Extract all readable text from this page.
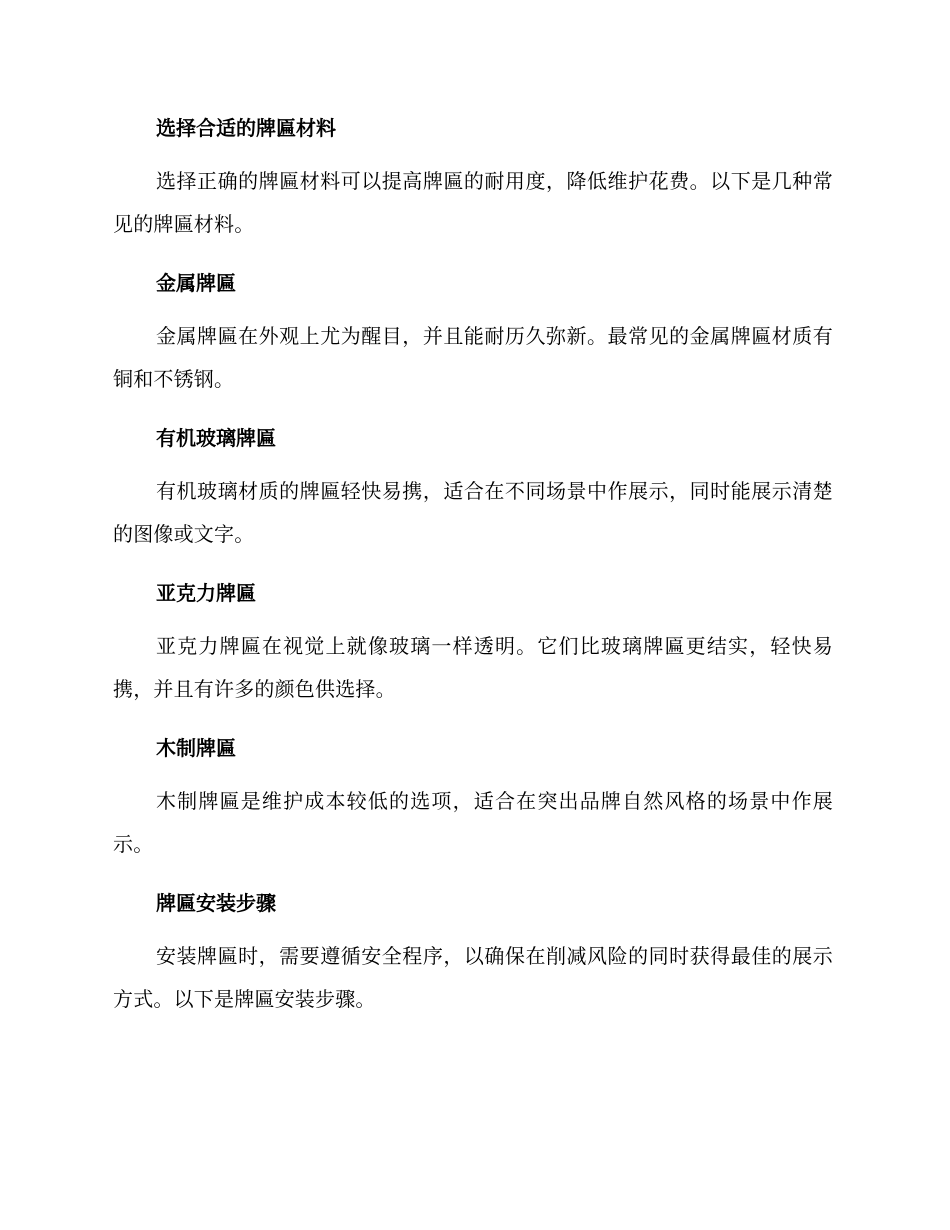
选择合适的牌匾材料

选择正确的牌匾材料可以提高牌匾的耐用度，降低维护花费。以下是几种常见的牌匾材料。

金属牌匾

金属牌匾在外观上尤为醒目，并且能耐历久弥新。最常见的金属牌匾材质有铜和不锈钢。

有机玻璃牌匾

有机玻璃材质的牌匾轻快易携，适合在不同场景中作展示，同时能展示清楚的图像或文字。

亚克力牌匾

亚克力牌匾在视觉上就像玻璃一样透明。它们比玻璃牌匾更结实，轻快易携，并且有许多的颜色供选择。

木制牌匾

木制牌匾是维护成本较低的选项，适合在突出品牌自然风格的场景中作展示。

牌匾安装步骤

安装牌匾时，需要遵循安全程序，以确保在削减风险的同时获得最佳的展示方式。以下是牌匾安装步骤。
